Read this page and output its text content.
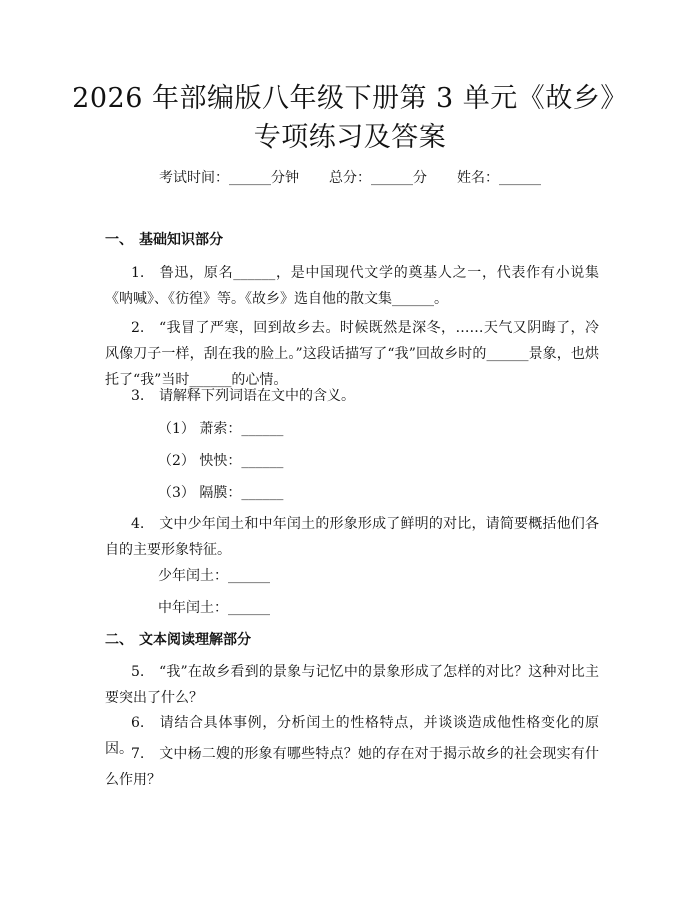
2026 年部编版八年级下册第 3 单元《故乡》
专项练习及答案
考试时间：______分钟 总分：______分 姓名：______
一、 基础知识部分
1. 鲁迅，原名______，是中国现代文学的奠基人之一，代表作有小说集《呐喊》、《彷徨》等。《故乡》选自他的散文集______。
2. “我冒了严寒，回到故乡去。时候既然是深冬，……天气又阴晦了，冷风像刀子一样，刮在我的脸上。”这段话描写了“我”回故乡时的______景象，也烘托了“我”当时______的心情。
3. 请解释下列词语在文中的含义。
（1） 萧索：______
（2） 怏怏：______
（3） 隔膜：______
4. 文中少年闰土和中年闰土的形象形成了鲜明的对比，请简要概括他们各自的主要形象特征。
少年闰土：______
中年闰土：______
二、 文本阅读理解部分
5. “我”在故乡看到的景象与记忆中的景象形成了怎样的对比？这种对比主要突出了什么？
6. 请结合具体事例，分析闰土的性格特点，并谈谈造成他性格变化的原因。
7. 文中杨二嫂的形象有哪些特点？她的存在对于揭示故乡的社会现实有什么作用？
